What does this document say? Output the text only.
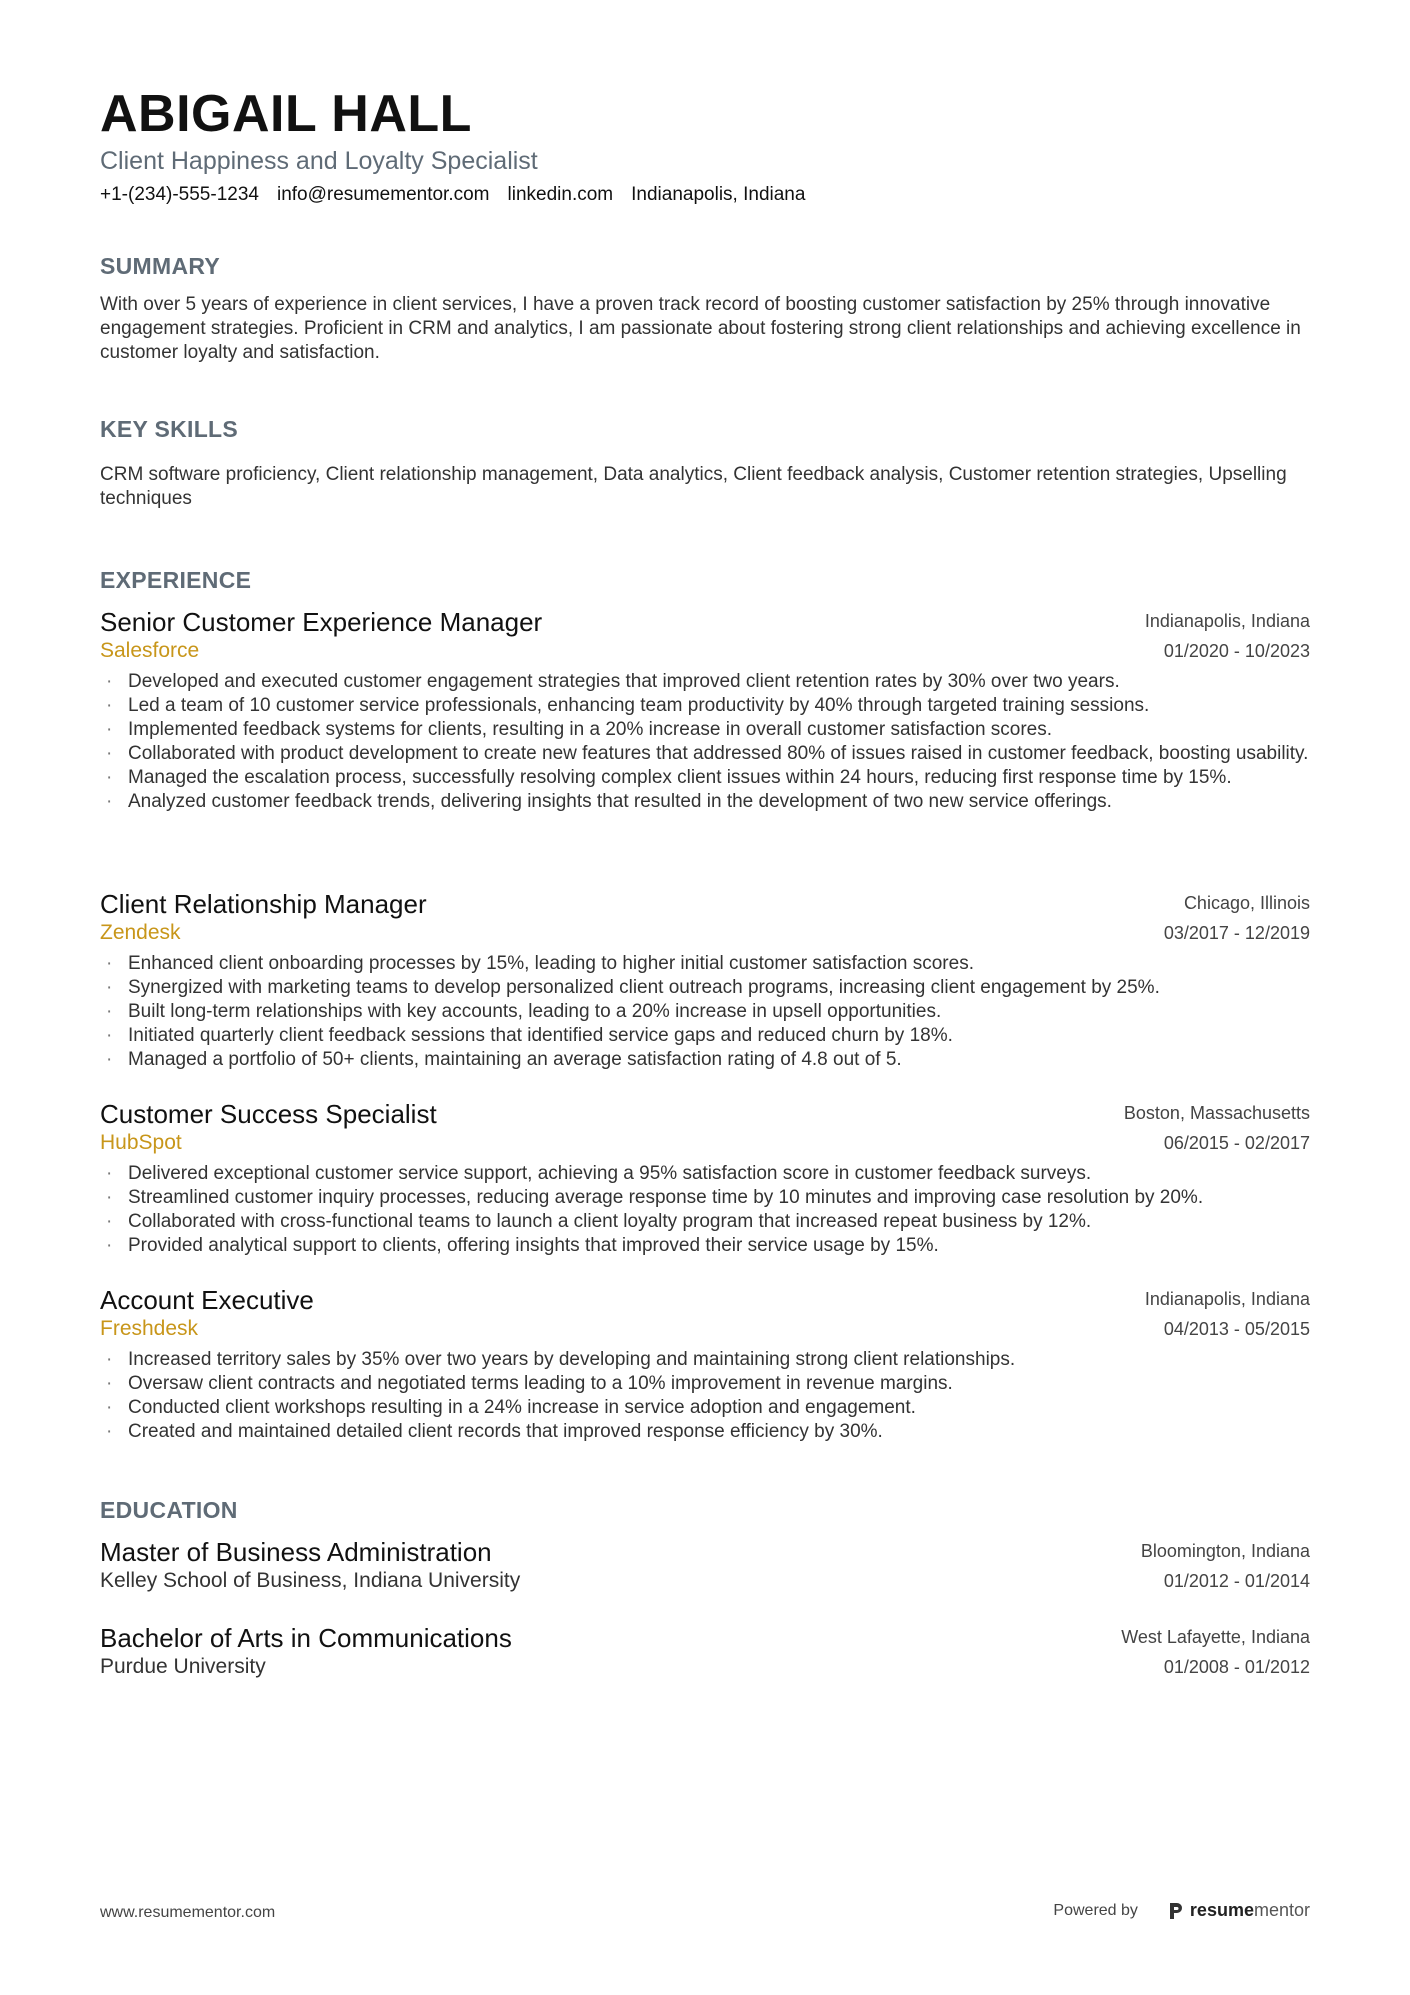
ABIGAIL HALL
Client Happiness and Loyalty Specialist
+1-(234)-555-1234 info@resumementor.com linkedin.com Indianapolis, Indiana
SUMMARY
With over 5 years of experience in client services, I have a proven track record of boosting customer satisfaction by 25% through innovative engagement strategies. Proficient in CRM and analytics, I am passionate about fostering strong client relationships and achieving excellence in customer loyalty and satisfaction.
KEY SKILLS
CRM software proficiency, Client relationship management, Data analytics, Client feedback analysis, Customer retention strategies, Upselling techniques
EXPERIENCE
Senior Customer Experience Manager
Salesforce
Indianapolis, Indiana
01/2020 - 10/2023
· Developed and executed customer engagement strategies that improved client retention rates by 30% over two years.
· Led a team of 10 customer service professionals, enhancing team productivity by 40% through targeted training sessions.
· Implemented feedback systems for clients, resulting in a 20% increase in overall customer satisfaction scores.
· Collaborated with product development to create new features that addressed 80% of issues raised in customer feedback, boosting usability.
· Managed the escalation process, successfully resolving complex client issues within 24 hours, reducing first response time by 15%.
· Analyzed customer feedback trends, delivering insights that resulted in the development of two new service offerings.
Client Relationship Manager
Zendesk
Chicago, Illinois
03/2017 - 12/2019
· Enhanced client onboarding processes by 15%, leading to higher initial customer satisfaction scores.
· Synergized with marketing teams to develop personalized client outreach programs, increasing client engagement by 25%.
· Built long-term relationships with key accounts, leading to a 20% increase in upsell opportunities.
· Initiated quarterly client feedback sessions that identified service gaps and reduced churn by 18%.
· Managed a portfolio of 50+ clients, maintaining an average satisfaction rating of 4.8 out of 5.
Customer Success Specialist
HubSpot
Boston, Massachusetts
06/2015 - 02/2017
· Delivered exceptional customer service support, achieving a 95% satisfaction score in customer feedback surveys.
· Streamlined customer inquiry processes, reducing average response time by 10 minutes and improving case resolution by 20%.
· Collaborated with cross-functional teams to launch a client loyalty program that increased repeat business by 12%.
· Provided analytical support to clients, offering insights that improved their service usage by 15%.
Account Executive
Freshdesk
Indianapolis, Indiana
04/2013 - 05/2015
· Increased territory sales by 35% over two years by developing and maintaining strong client relationships.
· Oversaw client contracts and negotiated terms leading to a 10% improvement in revenue margins.
· Conducted client workshops resulting in a 24% increase in service adoption and engagement.
· Created and maintained detailed client records that improved response efficiency by 30%.
EDUCATION
Master of Business Administration
Kelley School of Business, Indiana University
Bloomington, Indiana
01/2012 - 01/2014
Bachelor of Arts in Communications
Purdue University
West Lafayette, Indiana
01/2008 - 01/2012
www.resumementor.com	Powered by	resumementor
